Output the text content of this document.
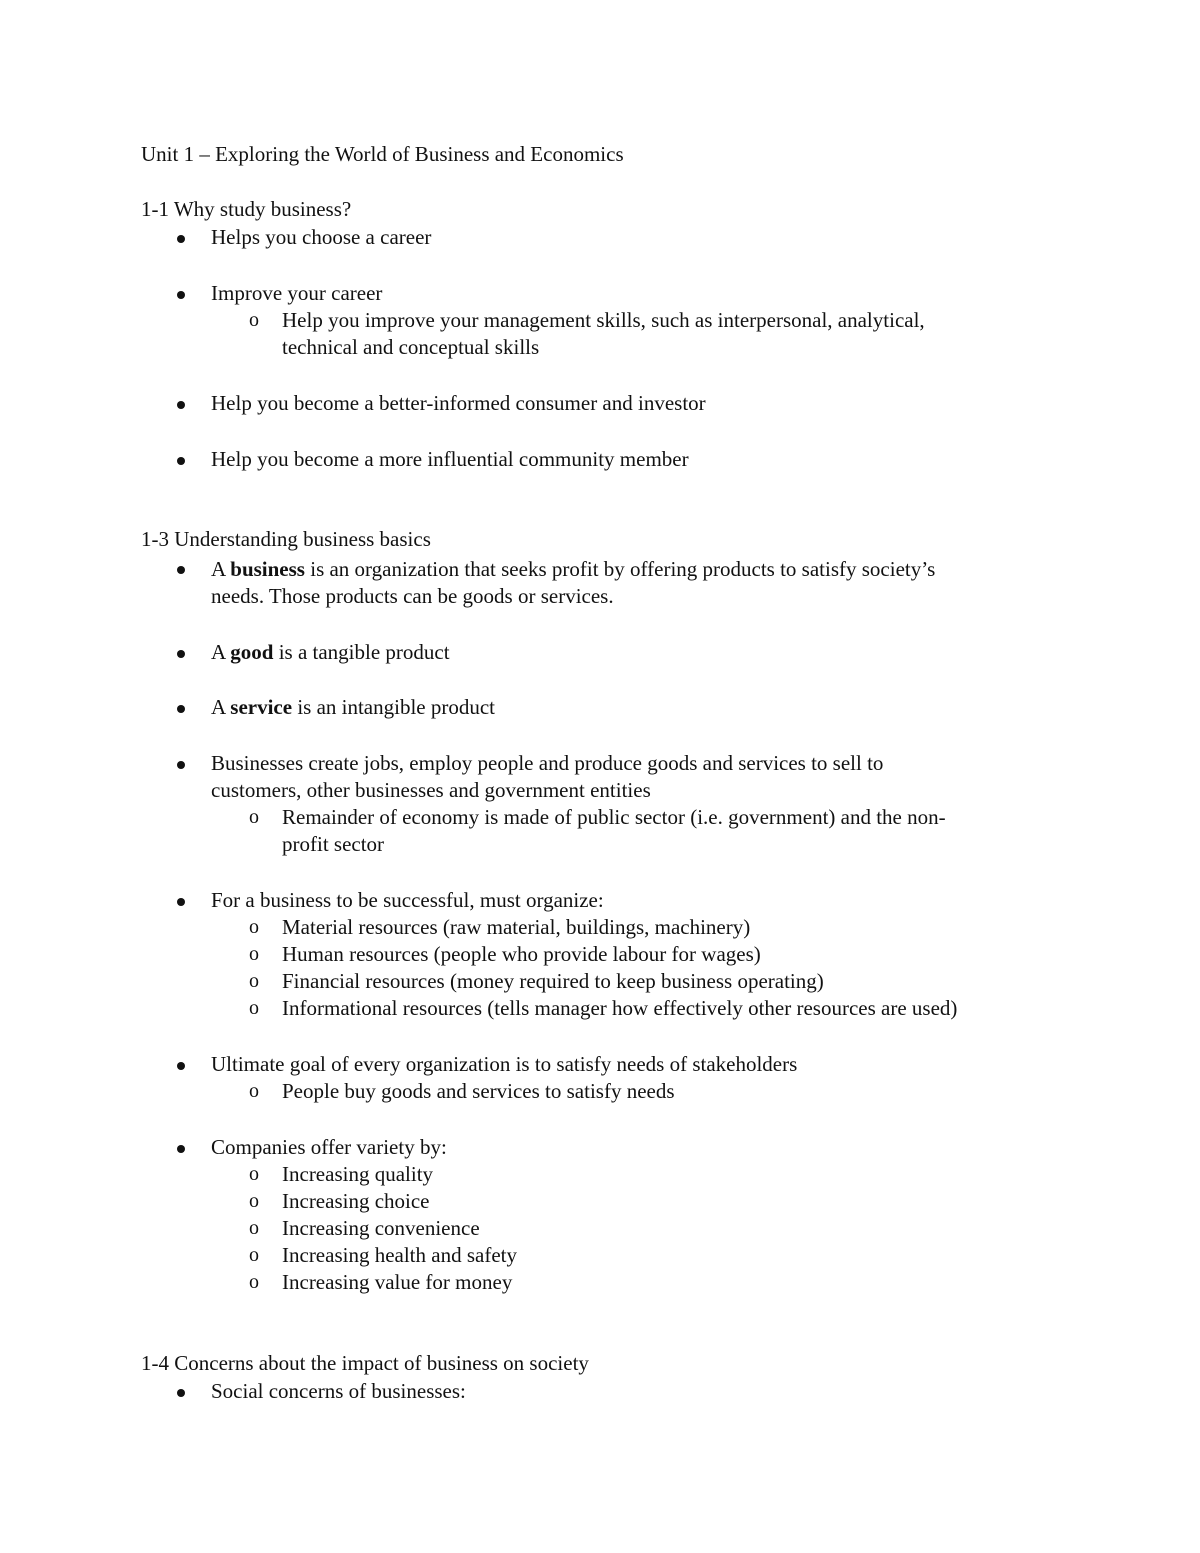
Unit 1 – Exploring the World of Business and Economics
1-1 Why study business?
Helps you choose a career
Improve your career
o Help you improve your management skills, such as interpersonal, analytical,
technical and conceptual skills
Help you become a better-informed consumer and investor
Help you become a more influential community member
1-3 Understanding business basics
A business is an organization that seeks profit by offering products to satisfy society’s
needs. Those products can be goods or services.
A good is a tangible product
A service is an intangible product
Businesses create jobs, employ people and produce goods and services to sell to
customers, other businesses and government entities
o Remainder of economy is made of public sector (i.e. government) and the non-
profit sector
For a business to be successful, must organize:
o Material resources (raw material, buildings, machinery)
o Human resources (people who provide labour for wages)
o Financial resources (money required to keep business operating)
o Informational resources (tells manager how effectively other resources are used)
Ultimate goal of every organization is to satisfy needs of stakeholders
o People buy goods and services to satisfy needs
Companies offer variety by:
o Increasing quality
o Increasing choice
o Increasing convenience
o Increasing health and safety
o Increasing value for money
1-4 Concerns about the impact of business on society
Social concerns of businesses:
